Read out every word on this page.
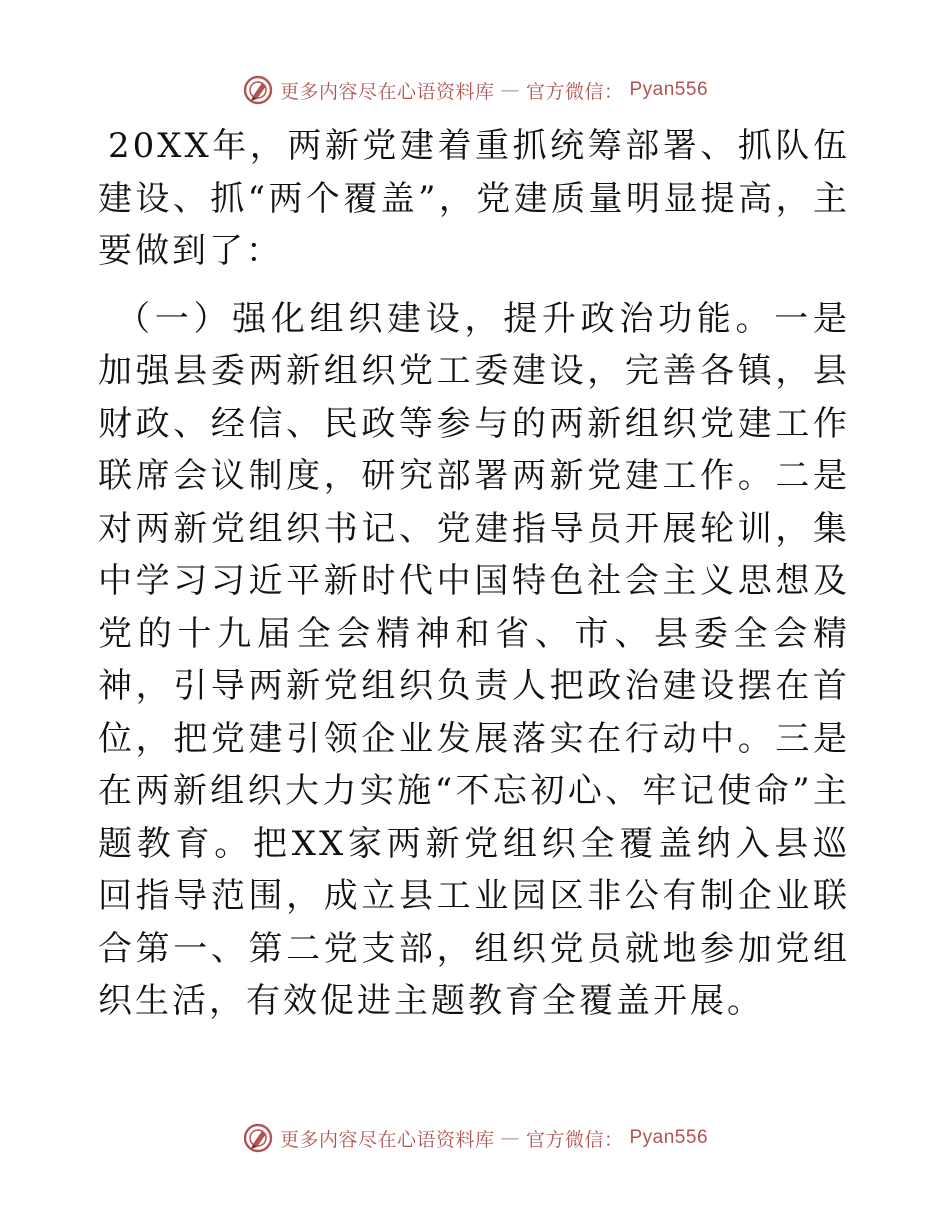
更多内容尽在心语资料库 — 官方微信： Pyan556

20XX年，两新党建着重抓统筹部署、抓队伍建设、抓“两个覆盖”，党建质量明显提高，主要做到了：

（一）强化组织建设，提升政治功能。一是加强县委两新组织党工委建设，完善各镇，县财政、经信、民政等参与的两新组织党建工作联席会议制度，研究部署两新党建工作。二是对两新党组织书记、党建指导员开展轮训，集中学习习近平新时代中国特色社会主义思想及党的十九届全会精神和省、市、县委全会精神，引导两新党组织负责人把政治建设摆在首位，把党建引领企业发展落实在行动中。三是在两新组织大力实施“不忘初心、牢记使命”主题教育。把XX家两新党组织全覆盖纳入县巡回指导范围，成立县工业园区非公有制企业联合第一、第二党支部，组织党员就地参加党组织生活，有效促进主题教育全覆盖开展。

更多内容尽在心语资料库 — 官方微信： Pyan556
